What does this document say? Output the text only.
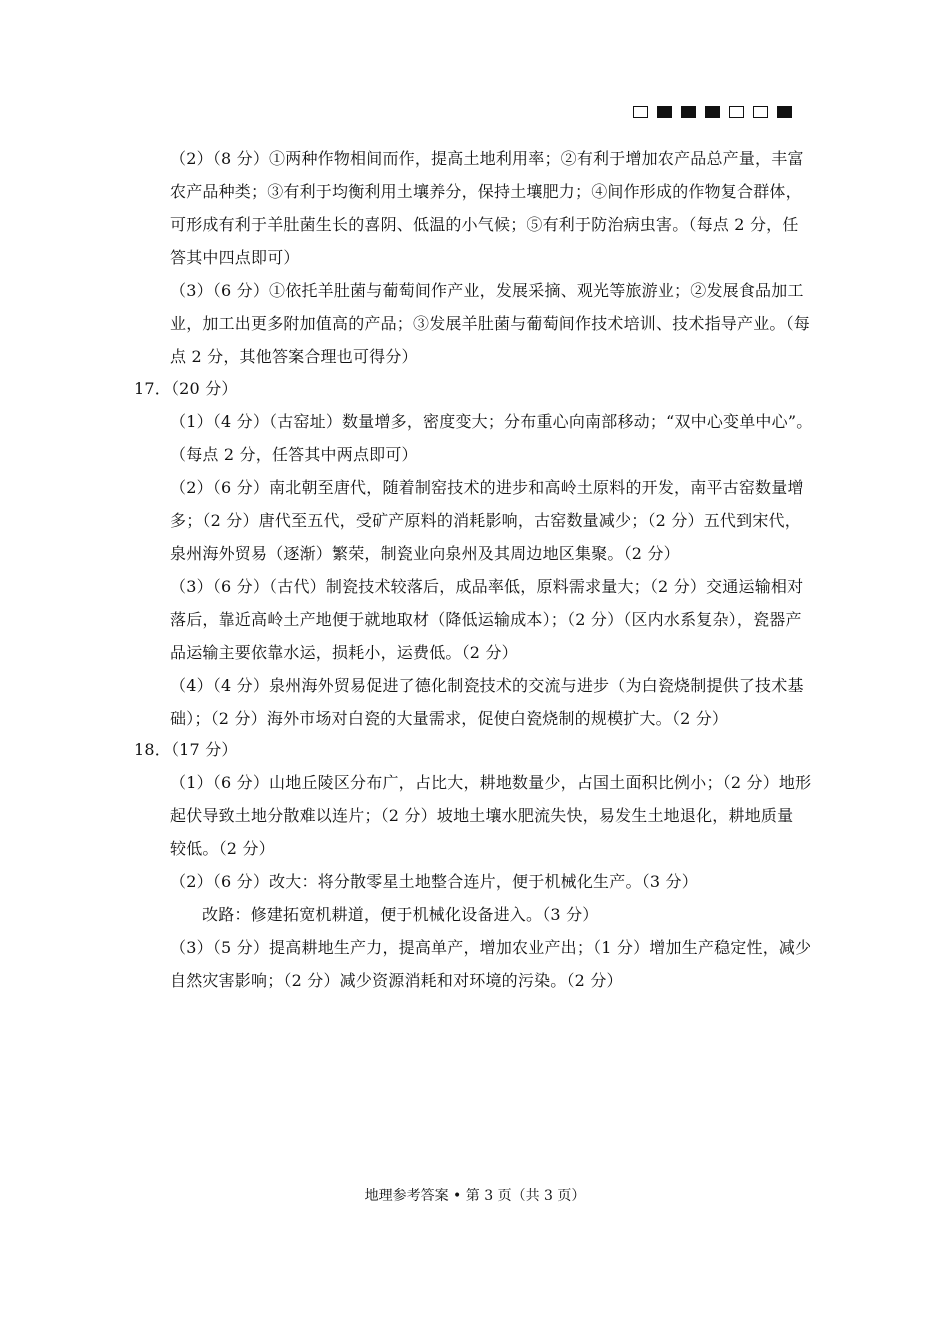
（2）（8 分）①两种作物相间而作，提高土地利用率；②有利于增加农产品总产量，丰富
农产品种类；③有利于均衡利用土壤养分，保持土壤肥力；④间作形成的作物复合群体，
可形成有利于羊肚菌生长的喜阴、低温的小气候；⑤有利于防治病虫害。（每点 2 分，任
答其中四点即可）
（3）（6 分）①依托羊肚菌与葡萄间作产业，发展采摘、观光等旅游业；②发展食品加工
业，加工出更多附加值高的产品；③发展羊肚菌与葡萄间作技术培训、技术指导产业。（每
点 2 分，其他答案合理也可得分）
17．（20 分）
（1）（4 分）（古窑址）数量增多，密度变大；分布重心向南部移动；“双中心变单中心”。
（每点 2 分，任答其中两点即可）
（2）（6 分）南北朝至唐代，随着制窑技术的进步和高岭土原料的开发，南平古窑数量增
多；（2 分）唐代至五代，受矿产原料的消耗影响，古窑数量减少；（2 分）五代到宋代，
泉州海外贸易（逐渐）繁荣，制瓷业向泉州及其周边地区集聚。（2 分）
（3）（6 分）（古代）制瓷技术较落后，成品率低，原料需求量大；（2 分）交通运输相对
落后，靠近高岭土产地便于就地取材（降低运输成本）；（2 分）（区内水系复杂），瓷器产
品运输主要依靠水运，损耗小，运费低。（2 分）
（4）（4 分）泉州海外贸易促进了德化制瓷技术的交流与进步（为白瓷烧制提供了技术基
础）；（2 分）海外市场对白瓷的大量需求，促使白瓷烧制的规模扩大。（2 分）
18．（17 分）
（1）（6 分）山地丘陵区分布广，占比大，耕地数量少，占国土面积比例小；（2 分）地形
起伏导致土地分散难以连片；（2 分）坡地土壤水肥流失快，易发生土地退化，耕地质量
较低。（2 分）
（2）（6 分）改大：将分散零星土地整合连片，便于机械化生产。（3 分）
改路：修建拓宽机耕道，便于机械化设备进入。（3 分）
（3）（5 分）提高耕地生产力，提高单产，增加农业产出；（1 分）增加生产稳定性，减少
自然灾害影响；（2 分）减少资源消耗和对环境的污染。（2 分）
地理参考答案 • 第 3 页（共 3 页）
